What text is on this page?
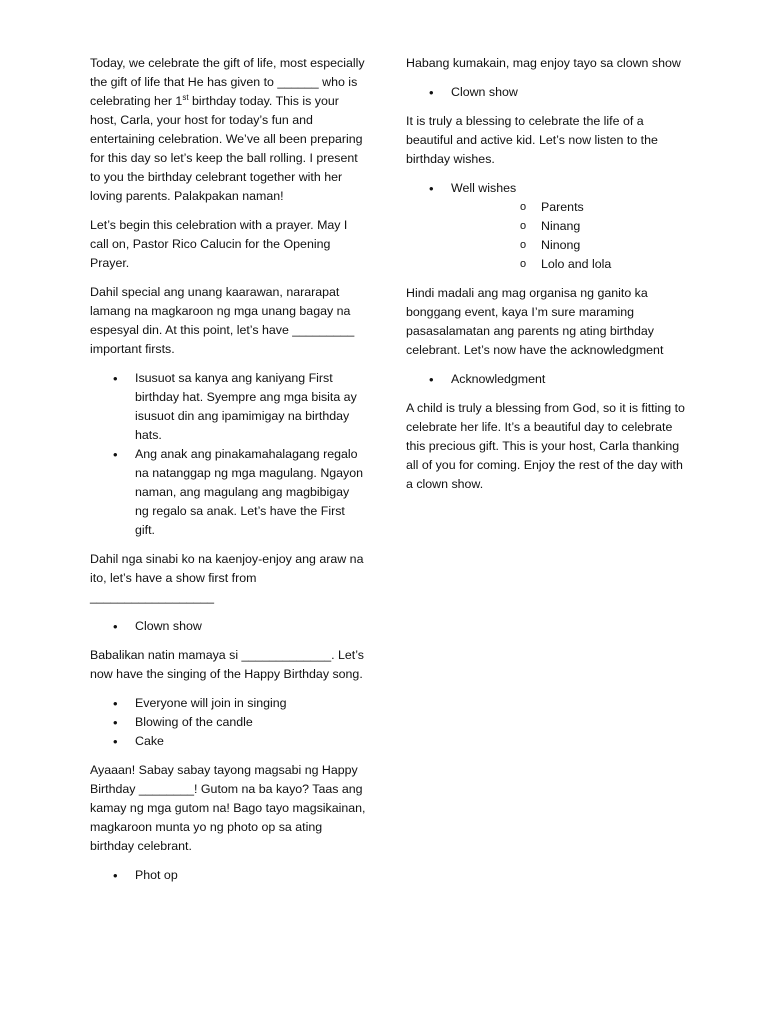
Today, we celebrate the gift of life, most especially the gift of life that He has given to ______ who is celebrating her 1st birthday today. This is your host, Carla, your host for today’s fun and entertaining celebration. We’ve all been preparing for this day so let’s keep the ball rolling. I present to you the birthday celebrant together with her loving parents. Palakpakan naman!

Let’s begin this celebration with a prayer. May I call on, Pastor Rico Calucin for the Opening Prayer.

Dahil special ang unang kaarawan, nararapat lamang na magkaroon ng mga unang bagay na espesyal din. At this point, let’s have _________ important firsts.

• Isusuot sa kanya ang kaniyang First birthday hat. Syempre ang mga bisita ay isusuot din ang ipamimigay na birthday hats.
• Ang anak ang pinakamahalagang regalo na natanggap ng mga magulang. Ngayon naman, ang magulang ang magbibigay ng regalo sa anak. Let’s have the First gift.

Dahil nga sinabi ko na kaenjoy-enjoy ang araw na ito, let’s have a show first from __________________

• Clown show

Babalikan natin mamaya si _____________. Let’s now have the singing of the Happy Birthday song.

• Everyone will join in singing
• Blowing of the candle
• Cake

Ayaaan! Sabay sabay tayong magsabi ng Happy Birthday ________! Gutom na ba kayo? Taas ang kamay ng mga gutom na! Bago tayo magsikainan, magkaroon munta yo ng photo op sa ating birthday celebrant.

• Phot op

Habang kumakain, mag enjoy tayo sa clown show

• Clown show

It is truly a blessing to celebrate the life of a beautiful and active kid. Let’s now listen to the birthday wishes.

• Well wishes
o Parents
o Ninang
o Ninong
o Lolo and lola

Hindi madali ang mag organisa ng ganito ka bonggang event, kaya I’m sure maraming pasasalamatan ang parents ng ating birthday celebrant. Let’s now have the acknowledgment

• Acknowledgment

A child is truly a blessing from God, so it is fitting to celebrate her life. It’s a beautiful day to celebrate this precious gift. This is your host, Carla thanking all of you for coming. Enjoy the rest of the day with a clown show.
